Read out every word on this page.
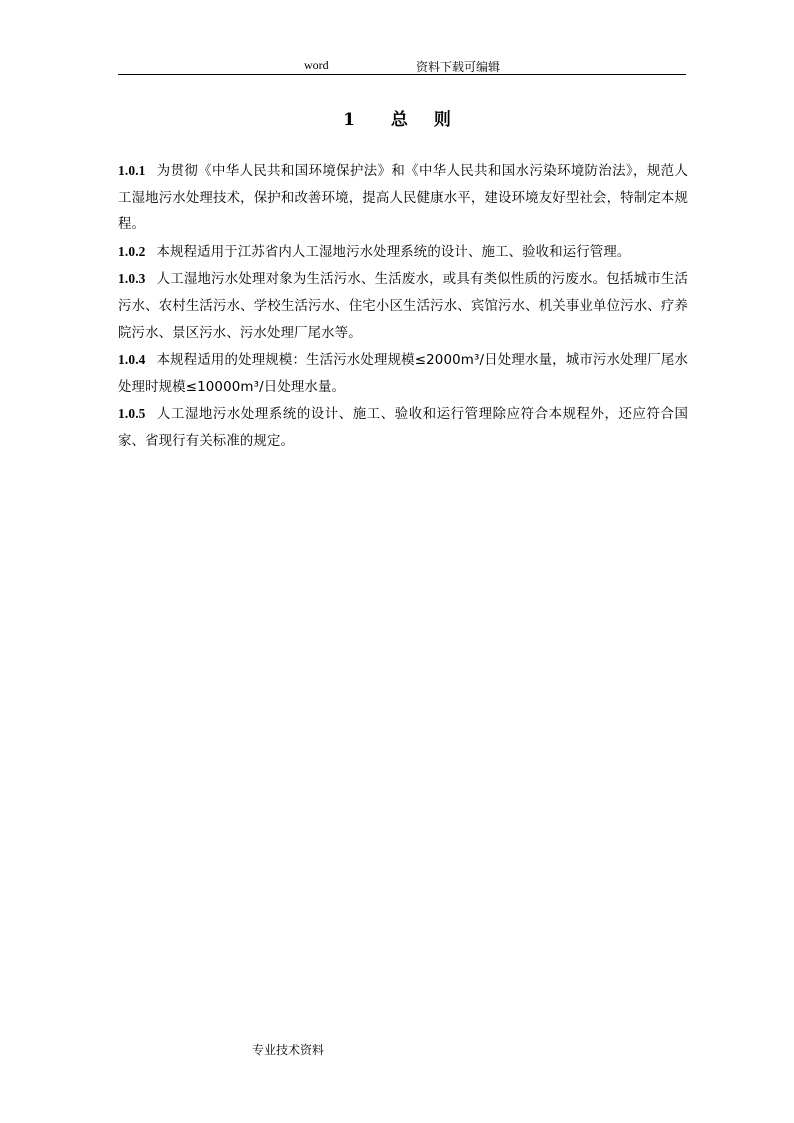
word	资料下载可编辑
1 总 则

1.0.1 为贯彻《中华人民共和国环境保护法》和《中华人民共和国水污染环境防治法》，规范人工湿地污水处理技术，保护和改善环境，提高人民健康水平，建设环境友好型社会，特制定本规程。

1.0.2 本规程适用于江苏省内人工湿地污水处理系统的设计、施工、验收和运行管理。

1.0.3 人工湿地污水处理对象为生活污水、生活废水，或具有类似性质的污废水。包括城市生活污水、农村生活污水、学校生活污水、住宅小区生活污水、宾馆污水、机关事业单位污水、疗养院污水、景区污水、污水处理厂尾水等。

1.0.4 本规程适用的处理规模：生活污水处理规模≤2000m³/日处理水量，城市污水处理厂尾水处理时规模≤10000m³/日处理水量。

1.0.5 人工湿地污水处理系统的设计、施工、验收和运行管理除应符合本规程外，还应符合国家、省现行有关标准的规定。

专业技术资料
